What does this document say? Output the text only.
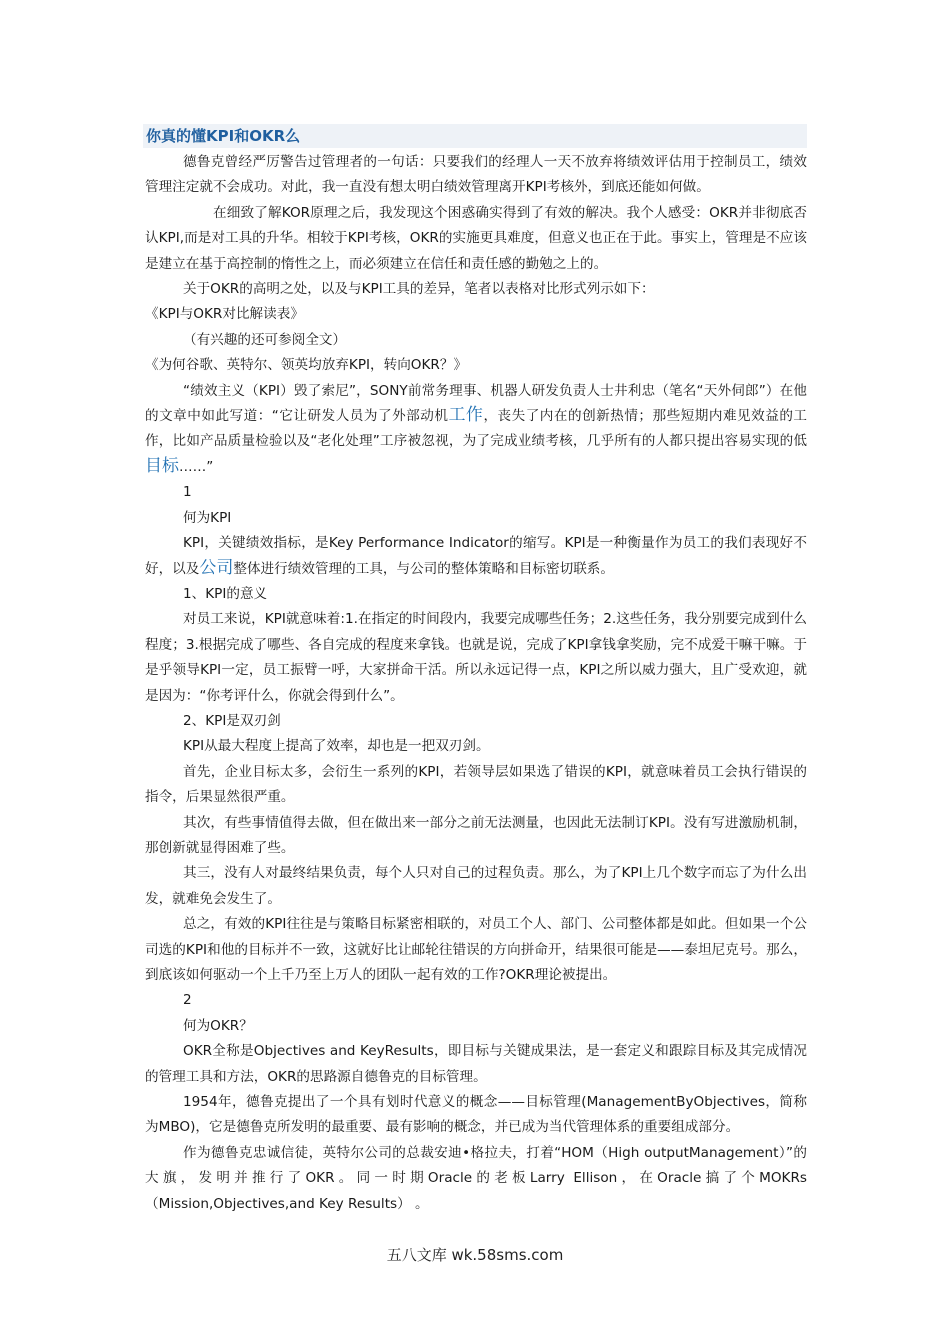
你真的懂KPI和OKR么

德鲁克曾经严厉警告过管理者的一句话：只要我们的经理人一天不放弃将绩效评估用于控制员工，绩效管理注定就不会成功。对此，我一直没有想太明白绩效管理离开KPI考核外，到底还能如何做。

在细致了解KOR原理之后，我发现这个困惑确实得到了有效的解决。我个人感受：OKR并非彻底否认KPI,而是对工具的升华。相较于KPI考核，OKR的实施更具难度，但意义也正在于此。事实上，管理是不应该是建立在基于高控制的惰性之上，而必须建立在信任和责任感的勤勉之上的。

关于OKR的高明之处，以及与KPI工具的差异，笔者以表格对比形式列示如下：

《KPI与OKR对比解读表》

（有兴趣的还可参阅全文）

《为何谷歌、英特尔、领英均放弃KPI，转向OKR？》

“绩效主义（KPI）毁了索尼”，SONY前常务理事、机器人研发负责人士井利忠（笔名“天外伺郎”）在他的文章中如此写道：“它让研发人员为了外部动机工作，丧失了内在的创新热情；那些短期内难见效益的工作，比如产品质量检验以及“老化处理”工序被忽视，为了完成业绩考核，几乎所有的人都只提出容易实现的低目标……”

1

何为KPI

KPI，关键绩效指标，是Key Performance Indicator的缩写。KPI是一种衡量作为员工的我们表现好不好，以及公司整体进行绩效管理的工具，与公司的整体策略和目标密切联系。

1、KPI的意义

对员工来说，KPI就意味着:1.在指定的时间段内，我要完成哪些任务；2.这些任务，我分别要完成到什么程度；3.根据完成了哪些、各自完成的程度来拿钱。也就是说，完成了KPI拿钱拿奖励，完不成爱干嘛干嘛。于是乎领导KPI一定，员工振臂一呼，大家拼命干活。所以永远记得一点，KPI之所以威力强大，且广受欢迎，就是因为：“你考评什么，你就会得到什么”。

2、KPI是双刃剑

KPI从最大程度上提高了效率，却也是一把双刃剑。

首先，企业目标太多，会衍生一系列的KPI，若领导层如果选了错误的KPI，就意味着员工会执行错误的指令，后果显然很严重。

其次，有些事情值得去做，但在做出来一部分之前无法测量，也因此无法制订KPI。没有写进激励机制，那创新就显得困难了些。

其三，没有人对最终结果负责，每个人只对自己的过程负责。那么，为了KPI上几个数字而忘了为什么出发，就难免会发生了。

总之，有效的KPI往往是与策略目标紧密相联的，对员工个人、部门、公司整体都是如此。但如果一个公司选的KPI和他的目标并不一致，这就好比让邮轮往错误的方向拼命开，结果很可能是——泰坦尼克号。那么，到底该如何驱动一个上千乃至上万人的团队一起有效的工作?OKR理论被提出。

2

何为OKR？

OKR全称是Objectives and KeyResults，即目标与关键成果法，是一套定义和跟踪目标及其完成情况的管理工具和方法，OKR的思路源自德鲁克的目标管理。

1954年，德鲁克提出了一个具有划时代意义的概念——目标管理(ManagementByObjectives，简称为MBO)，它是德鲁克所发明的最重要、最有影响的概念，并已成为当代管理体系的重要组成部分。

作为德鲁克忠诚信徒，英特尔公司的总裁安迪•格拉夫，打着“HOM（High outputManagement）”的大旗，发明并推行了OKR。同一时期Oracle的老板Larry Ellison，在Oracle搞了个MOKRs（Mission,Objectives,and Key Results） 。

五八文库 wk.58sms.com
